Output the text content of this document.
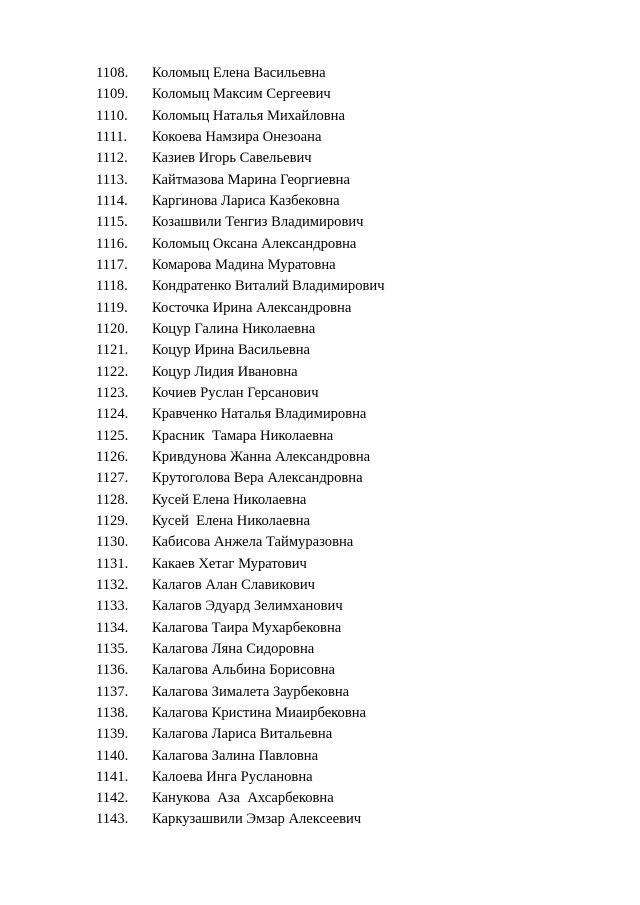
1108.	Коломыц Елена Васильевна
1109.	Коломыц Максим Сергеевич
1110.	Коломыц Наталья Михайловна
1111.	Кокоева Намзира Онезоана
1112.	Казиев Игорь Савельевич
1113.	Кайтмазова Марина Георгиевна
1114.	Каргинова Лариса Казбековна
1115.	Козашвили Тенгиз Владимирович
1116.	Коломыц Оксана Александровна
1117.	Комарова Мадина Муратовна
1118.	Кондратенко Виталий Владимирович
1119.	Косточка Ирина Александровна
1120.	Коцур Галина Николаевна
1121.	Коцур Ирина Васильевна
1122.	Коцур Лидия Ивановна
1123.	Кочиев Руслан Герсанович
1124.	Кравченко Наталья Владимировна
1125.	Красник  Тамара Николаевна
1126.	Кривдунова Жанна Александровна
1127.	Крутоголова Вера Александровна
1128.	Кусей Елена Николаевна
1129.	Кусей  Елена Николаевна
1130.	Кабисова Анжела Таймуразовна
1131.	Какаев Хетаг Муратович
1132.	Калагов Алан Славикович
1133.	Калагов Эдуард Зелимханович
1134.	Калагова Таира Мухарбековна
1135.	Калагова Ляна Сидоровна
1136.	Калагова Альбина Борисовна
1137.	Калагова Зималета Заурбековна
1138.	Калагова Кристина Миаирбековна
1139.	Калагова Лариса Витальевна
1140.	Калагова Залина Павловна
1141.	Калоева Инга Руслановна
1142.	Канукова  Аза  Ахсарбековна
1143.	Каркузашвили Эмзар Алексеевич
